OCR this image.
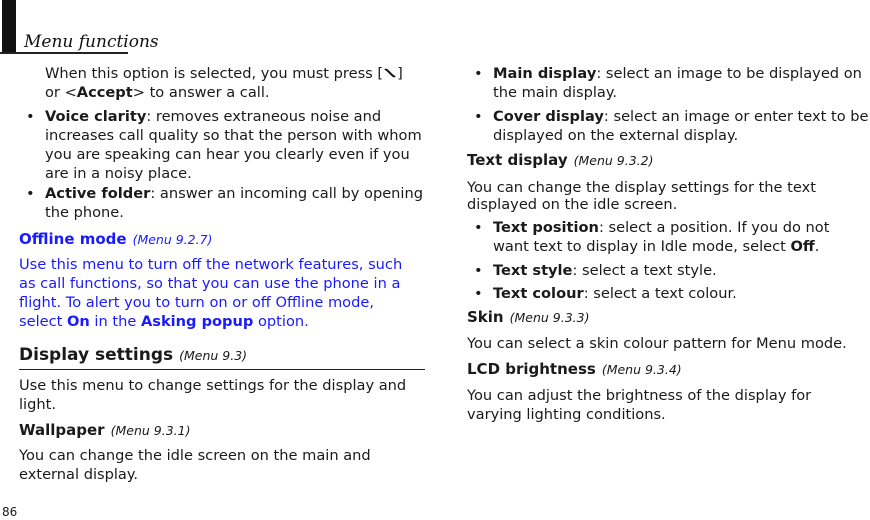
Menu functions
When this option is selected, you must press [ ]
or <Accept> to answer a call.
• Voice clarity: removes extraneous noise and
increases call quality so that the person with whom
you are speaking can hear you clearly even if you
are in a noisy place.
• Active folder: answer an incoming call by opening
the phone.
Offline mode (Menu 9.2.7)
Use this menu to turn off the network features, such
as call functions, so that you can use the phone in a
flight. To alert you to turn on or off Offline mode,
select On in the Asking popup option.
Display settings (Menu 9.3)
Use this menu to change settings for the display and
light.
Wallpaper (Menu 9.3.1)
You can change the idle screen on the main and
external display.
• Main display: select an image to be displayed on
the main display.
• Cover display: select an image or enter text to be
displayed on the external display.
Text display (Menu 9.3.2)
You can change the display settings for the text
displayed on the idle screen.
• Text position: select a position. If you do not
want text to display in Idle mode, select Off.
• Text style: select a text style.
• Text colour: select a text colour.
Skin (Menu 9.3.3)
You can select a skin colour pattern for Menu mode.
LCD brightness (Menu 9.3.4)
You can adjust the brightness of the display for
varying lighting conditions.
86
